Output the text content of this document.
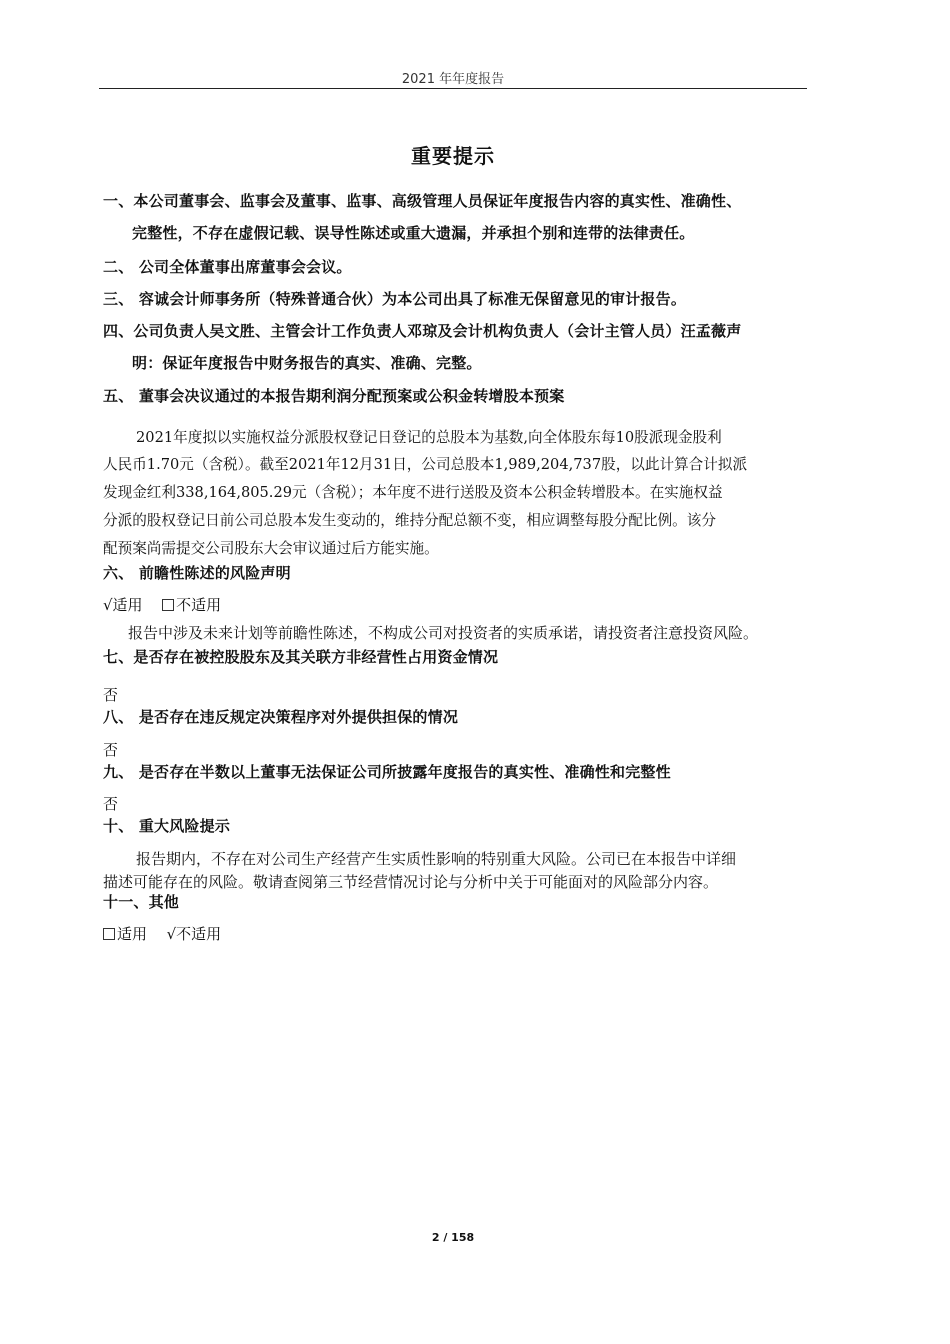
2021 年年度报告
重要提示
一、本公司董事会、监事会及董事、监事、高级管理人员保证年度报告内容的真实性、准确性、
完整性，不存在虚假记载、误导性陈述或重大遗漏，并承担个别和连带的法律责任。
二、 公司全体董事出席董事会会议。
三、 容诚会计师事务所（特殊普通合伙）为本公司出具了标准无保留意见的审计报告。
四、公司负责人吴文胜、主管会计工作负责人邓琼及会计机构负责人（会计主管人员）汪孟薇声
明：保证年度报告中财务报告的真实、准确、完整。
五、 董事会决议通过的本报告期利润分配预案或公积金转增股本预案
2021年度拟以实施权益分派股权登记日登记的总股本为基数,向全体股东每10股派现金股利
人民币1.70元（含税）。截至2021年12月31日，公司总股本1,989,204,737股，以此计算合计拟派
发现金红利338,164,805.29元（含税）；本年度不进行送股及资本公积金转增股本。在实施权益
分派的股权登记日前公司总股本发生变动的，维持分配总额不变，相应调整每股分配比例。该分
配预案尚需提交公司股东大会审议通过后方能实施。
六、 前瞻性陈述的风险声明
√适用 不适用
报告中涉及未来计划等前瞻性陈述，不构成公司对投资者的实质承诺，请投资者注意投资风险。
七、是否存在被控股股东及其关联方非经营性占用资金情况
否
八、 是否存在违反规定决策程序对外提供担保的情况
否
九、 是否存在半数以上董事无法保证公司所披露年度报告的真实性、准确性和完整性
否
十、 重大风险提示
报告期内，不存在对公司生产经营产生实质性影响的特别重大风险。公司已在本报告中详细
描述可能存在的风险。敬请查阅第三节经营情况讨论与分析中关于可能面对的风险部分内容。
十一、其他
适用 √不适用
2 / 158
